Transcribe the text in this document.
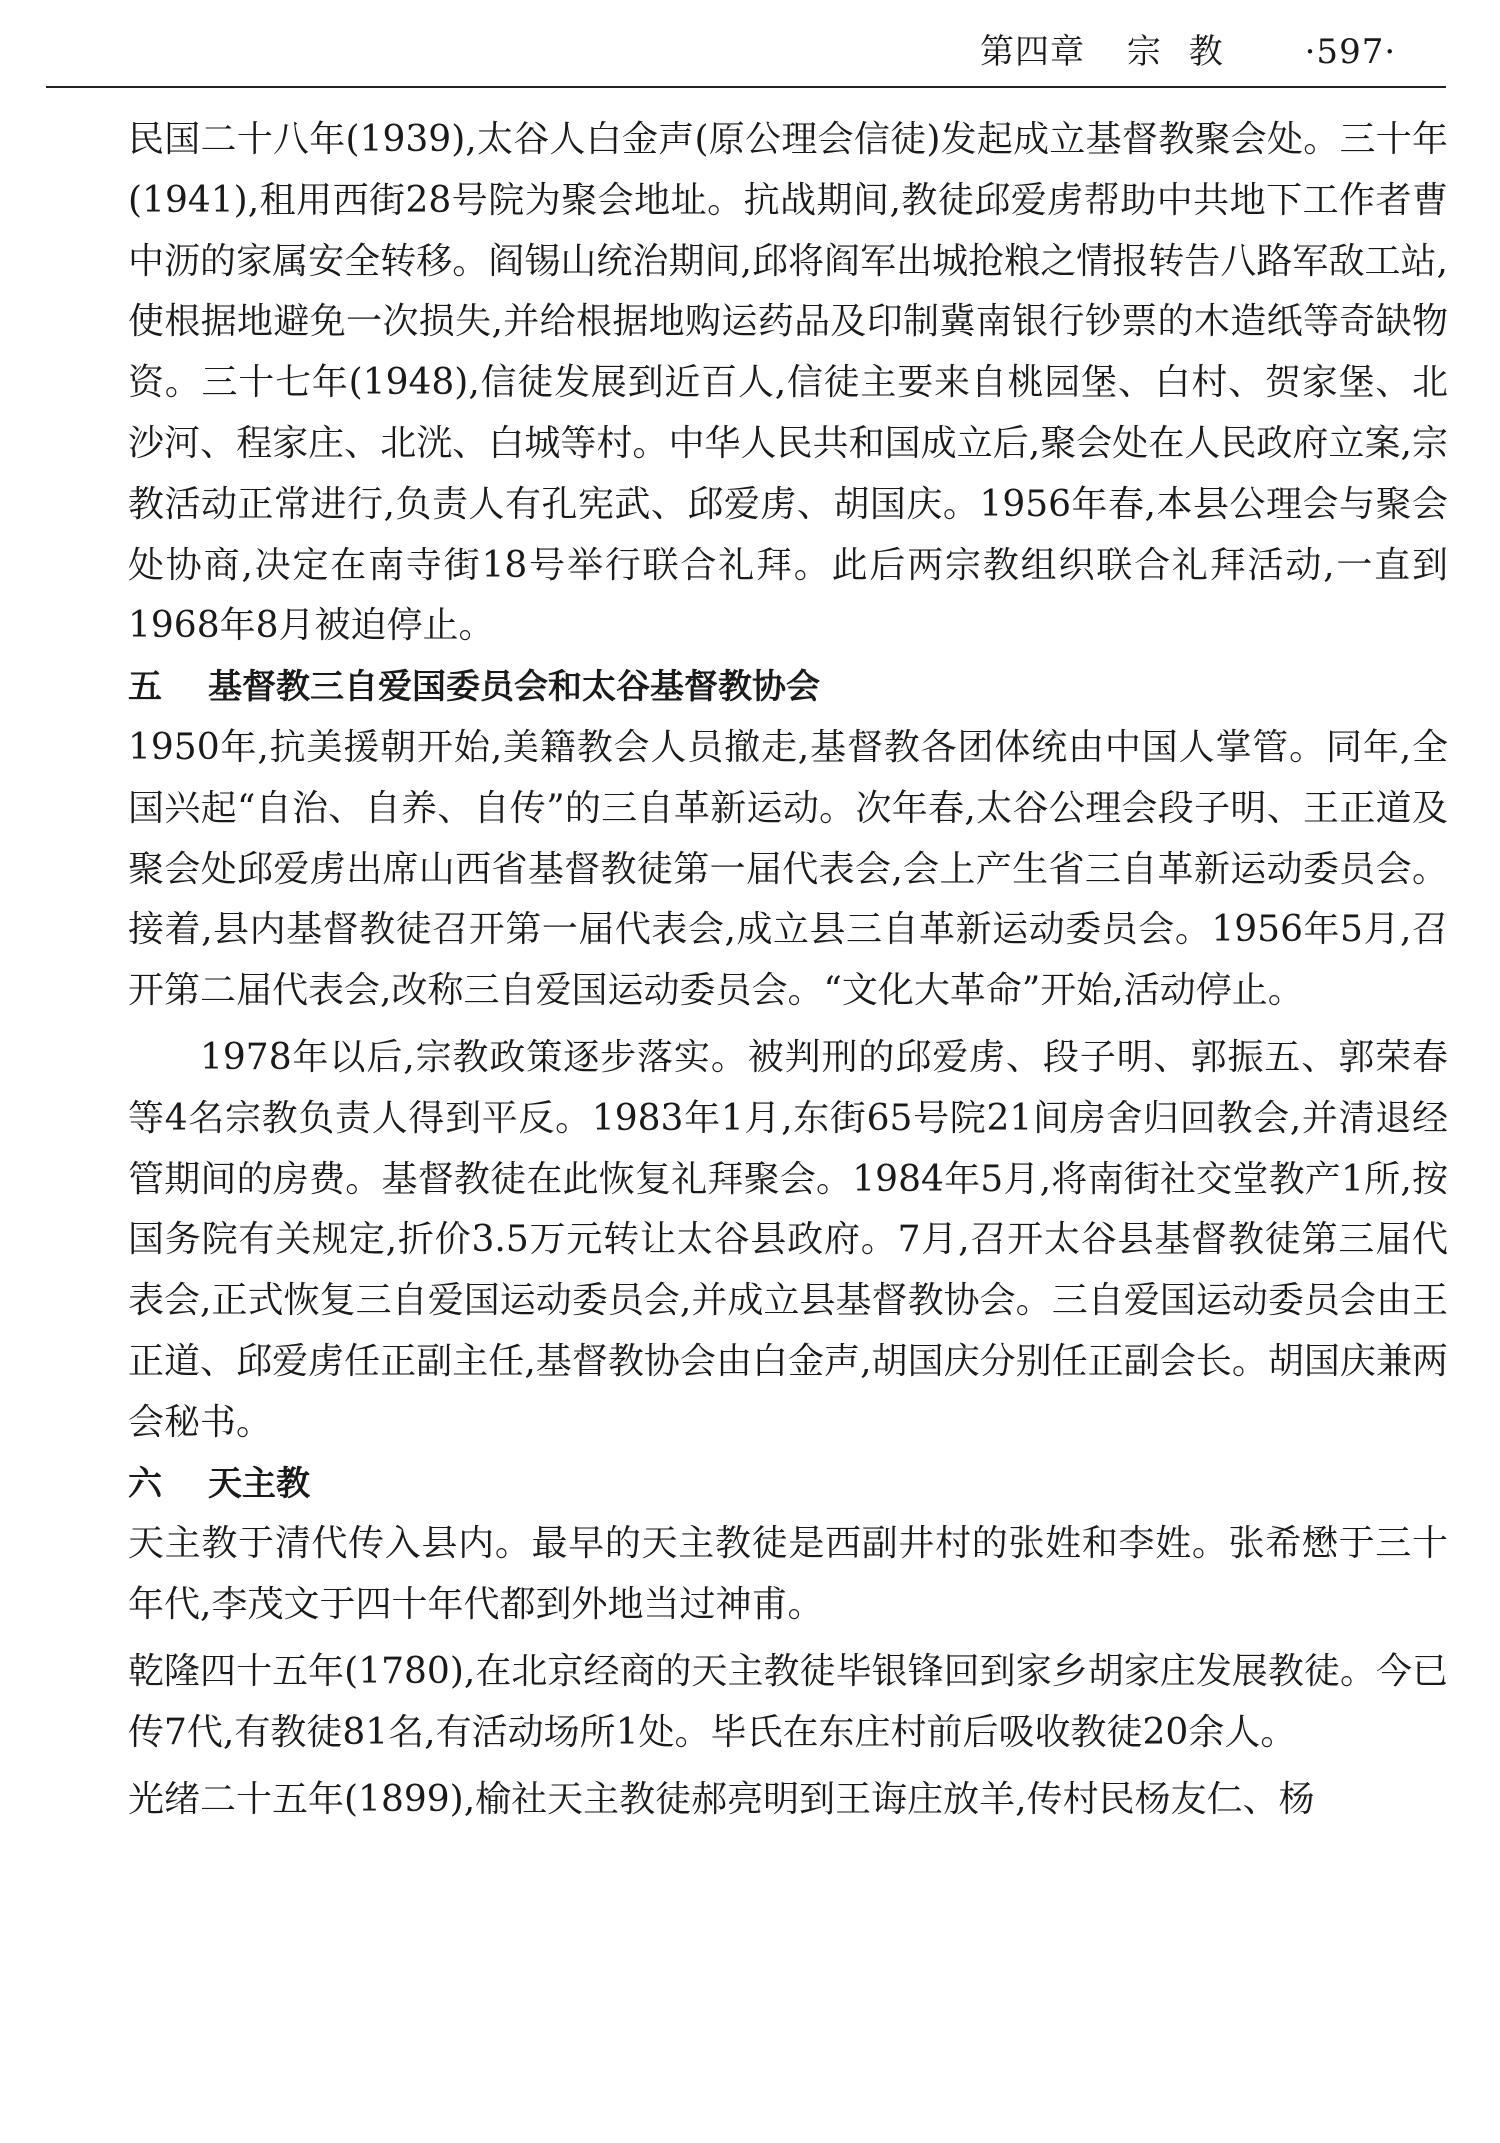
第四章 宗教 ·597·

民国二十八年(1939),太谷人白金声(原公理会信徒)发起成立基督教聚会处。三十年(1941),租用西街28号院为聚会地址。抗战期间,教徒邱爱虏帮助中共地下工作者曹中沥的家属安全转移。阎锡山统治期间,邱将阎军出城抢粮之情报转告八路军敌工站,使根据地避免一次损失,并给根据地购运药品及印制冀南银行钞票的木造纸等奇缺物资。三十七年(1948),信徒发展到近百人,信徒主要来自桃园堡、白村、贺家堡、北沙河、程家庄、北洸、白城等村。中华人民共和国成立后,聚会处在人民政府立案,宗教活动正常进行,负责人有孔宪武、邱爱虏、胡国庆。1956年春,本县公理会与聚会处协商,决定在南寺街18号举行联合礼拜。此后两宗教组织联合礼拜活动,一直到1968年8月被迫停止。

五 基督教三自爱国委员会和太谷基督教协会

1950年,抗美援朝开始,美籍教会人员撤走,基督教各团体统由中国人掌管。同年,全国兴起“自治、自养、自传”的三自革新运动。次年春,太谷公理会段子明、王正道及聚会处邱爱虏出席山西省基督教徒第一届代表会,会上产生省三自革新运动委员会。接着,县内基督教徒召开第一届代表会,成立县三自革新运动委员会。1956年5月,召开第二届代表会,改称三自爱国运动委员会。“文化大革命”开始,活动停止。

1978年以后,宗教政策逐步落实。被判刑的邱爱虏、段子明、郭振五、郭荣春等4名宗教负责人得到平反。1983年1月,东街65号院21间房舍归回教会,并清退经管期间的房费。基督教徒在此恢复礼拜聚会。1984年5月,将南街社交堂教产1所,按国务院有关规定,折价3.5万元转让太谷县政府。7月,召开太谷县基督教徒第三届代表会,正式恢复三自爱国运动委员会,并成立县基督教协会。三自爱国运动委员会由王正道、邱爱虏任正副主任,基督教协会由白金声,胡国庆分别任正副会长。胡国庆兼两会秘书。

六 天主教

天主教于清代传入县内。最早的天主教徒是西副井村的张姓和李姓。张希懋于三十年代,李茂文于四十年代都到外地当过神甫。

乾隆四十五年(1780),在北京经商的天主教徒毕银锋回到家乡胡家庄发展教徒。今已传7代,有教徒81名,有活动场所1处。毕氏在东庄村前后吸收教徒20余人。

光绪二十五年(1899),榆社天主教徒郝亮明到王诲庄放羊,传村民杨友仁、杨
